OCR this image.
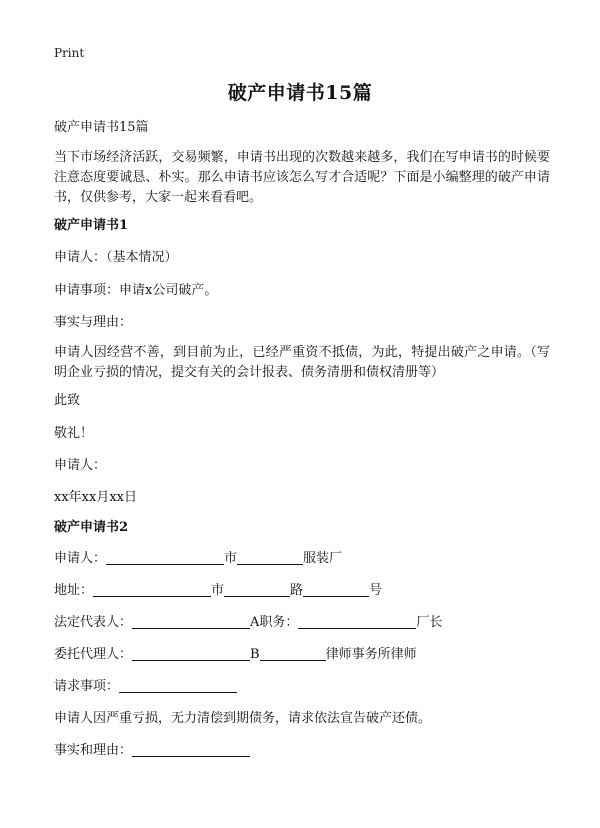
Print
破产申请书15篇
破产申请书15篇
当下市场经济活跃，交易频繁，申请书出现的次数越来越多，我们在写申请书的时候要注意态度要诚恳、朴实。那么申请书应该怎么写才合适呢？下面是小编整理的破产申请书，仅供参考，大家一起来看看吧。
破产申请书1
申请人：（基本情况）
申请事项：申请x公司破产。
事实与理由：
申请人因经营不善，到目前为止，已经严重资不抵债，为此，特提出破产之申请。（写明企业亏损的情况，提交有关的会计报表、债务清册和债权清册等）
此致
敬礼！
申请人：
xx年xx月xx日
破产申请书2
申请人：	市	服装厂
地址：	市	路	号
法定代表人：	A职务：	厂长
委托代理人：	B	律师事务所律师
请求事项：
申请人因严重亏损，无力清偿到期债务，请求依法宣告破产还债。
事实和理由：
